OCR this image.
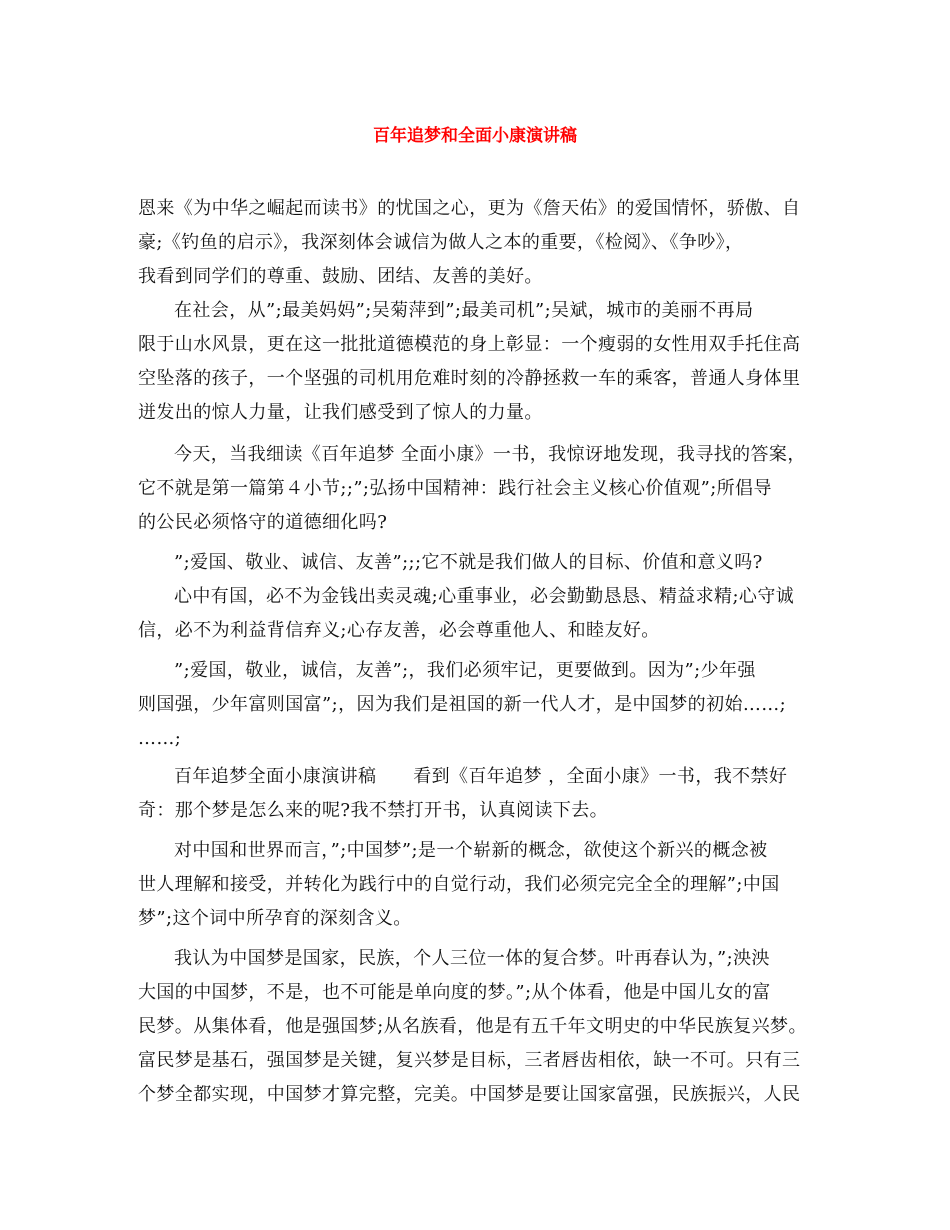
百年追梦和全面小康演讲稿

恩来《为中华之崛起而读书》的忧国之心，更为《詹天佑》的爱国情怀，骄傲、自

豪;《钓鱼的启示》，我深刻体会诚信为做人之本的重要，《检阅》、《争吵》，

我看到同学们的尊重、鼓励、团结、友善的美好。

在社会，从”;最美妈妈”;吴菊萍到”;最美司机”;吴斌，城市的美丽不再局

限于山水风景，更在这一批批道德模范的身上彰显：一个瘦弱的女性用双手托住高

空坠落的孩子，一个坚强的司机用危难时刻的冷静拯救一车的乘客，普通人身体里

迸发出的惊人力量，让我们感受到了惊人的力量。

今天，当我细读《百年追梦 全面小康》一书，我惊讶地发现，我寻找的答案，

它不就是第一篇第４小节;;”;弘扬中国精神：践行社会主义核心价值观”;所倡导

的公民必须恪守的道德细化吗?

”;爱国、敬业、诚信、友善”;;;它不就是我们做人的目标、价值和意义吗?

心中有国，必不为金钱出卖灵魂;心重事业，必会勤勤恳恳、精益求精;心守诚

信，必不为利益背信弃义;心存友善，必会尊重他人、和睦友好。

”;爱国，敬业，诚信，友善”;，我们必须牢记，更要做到。因为”;少年强

则国强，少年富则国富”;，因为我们是祖国的新一代人才，是中国梦的初始……;

……;

百年追梦全面小康演讲稿　　看到《百年追梦 ，全面小康》一书，我不禁好

奇：那个梦是怎么来的呢?我不禁打开书，认真阅读下去。

对中国和世界而言，”;中国梦”;是一个崭新的概念，欲使这个新兴的概念被

世人理解和接受，并转化为践行中的自觉行动，我们必须完完全全的理解”;中国

梦”;这个词中所孕育的深刻含义。

我认为中国梦是国家，民族，个人三位一体的复合梦。叶再春认为，”;泱泱

大国的中国梦，不是，也不可能是单向度的梦。”;从个体看，他是中国儿女的富

民梦。从集体看，他是强国梦;从名族看，他是有五千年文明史的中华民族复兴梦。

富民梦是基石，强国梦是关键，复兴梦是目标，三者唇齿相依，缺一不可。只有三

个梦全都实现，中国梦才算完整，完美。中国梦是要让国家富强，民族振兴，人民
